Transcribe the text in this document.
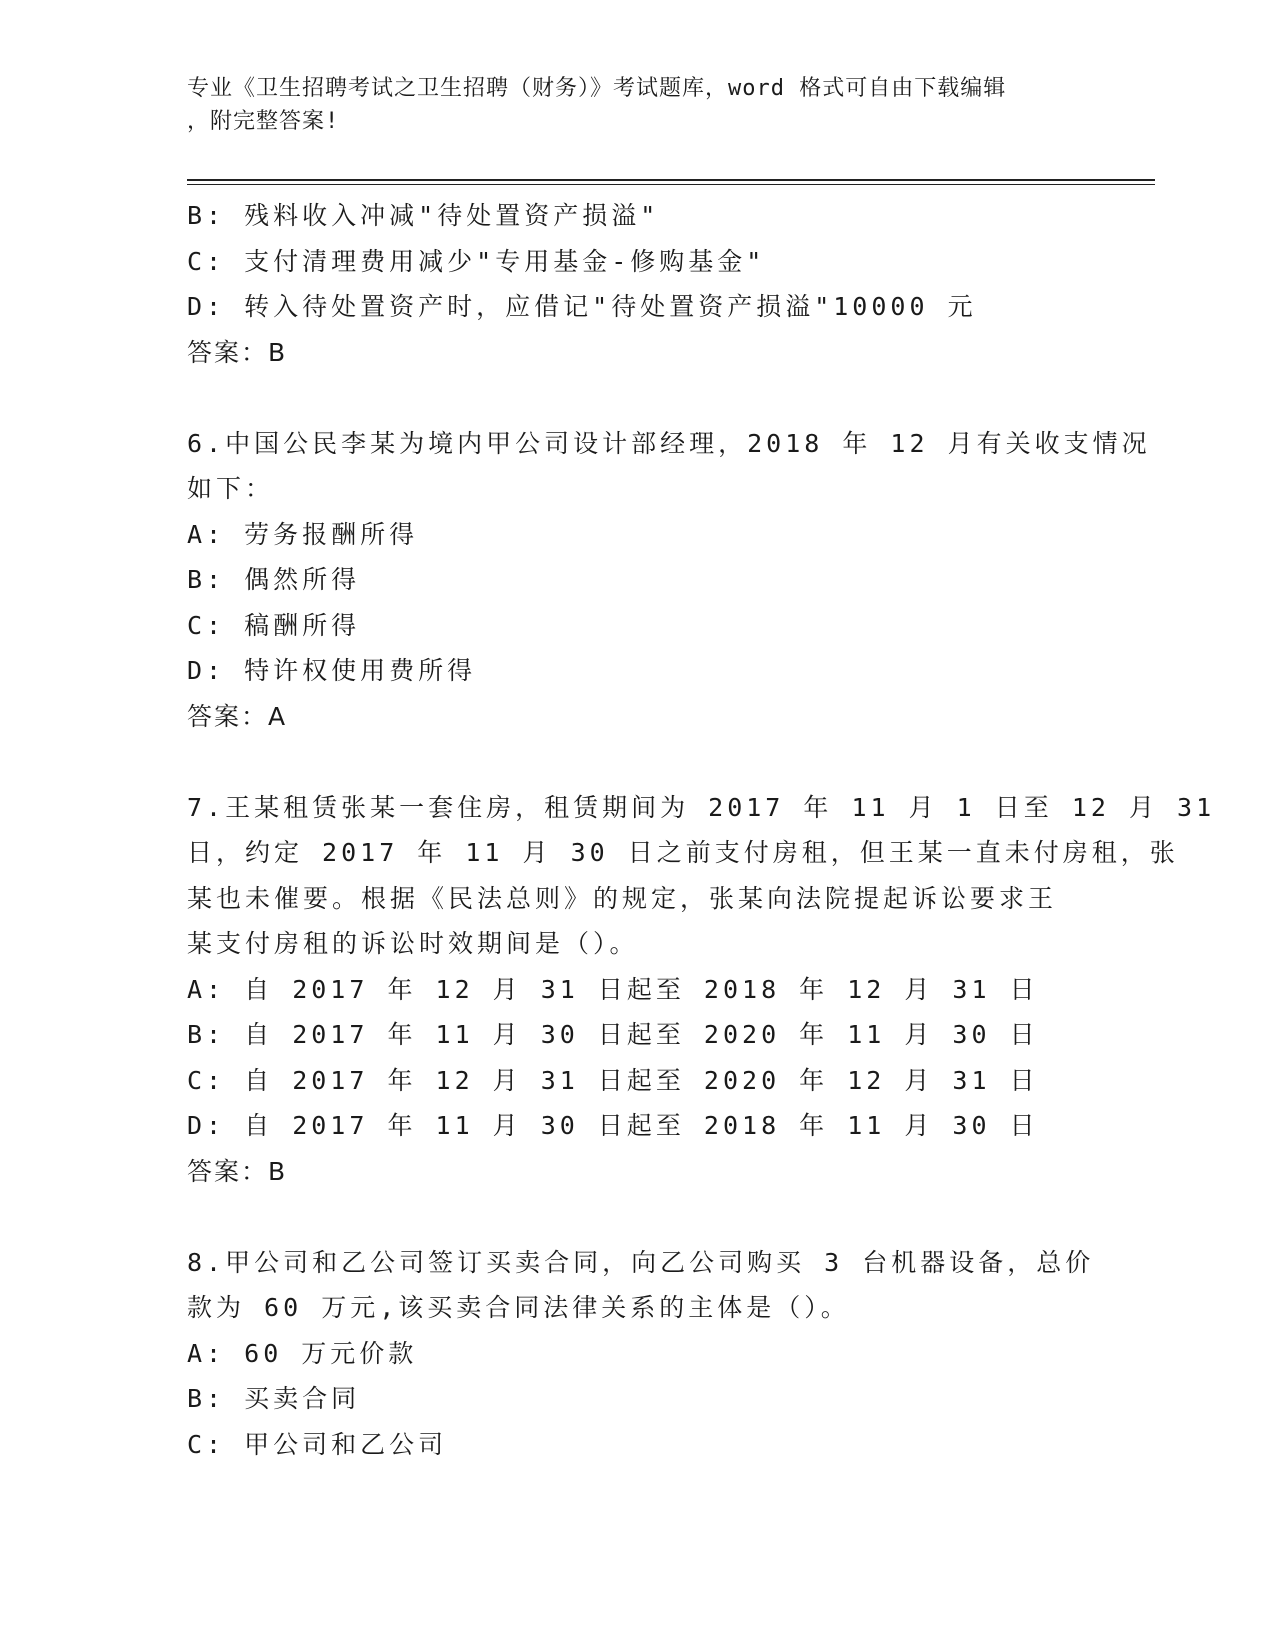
专业《卫生招聘考试之卫生招聘（财务）》考试题库，word 格式可自由下载编辑
，附完整答案!
B: 残料收入冲减"待处置资产损溢"
C: 支付清理费用减少"专用基金-修购基金"
D: 转入待处置资产时，应借记"待处置资产损溢"10000 元
答案：B
6.中国公民李某为境内甲公司设计部经理，2018 年 12 月有关收支情况
如下：
A: 劳务报酬所得
B: 偶然所得
C: 稿酬所得
D: 特许权使用费所得
答案：A
7.王某租赁张某一套住房，租赁期间为 2017 年 11 月 1 日至 12 月 31
日，约定 2017 年 11 月 30 日之前支付房租，但王某一直未付房租，张
某也未催要。根据《民法总则》的规定，张某向法院提起诉讼要求王
某支付房租的诉讼时效期间是（）。
A: 自 2017 年 12 月 31 日起至 2018 年 12 月 31 日
B: 自 2017 年 11 月 30 日起至 2020 年 11 月 30 日
C: 自 2017 年 12 月 31 日起至 2020 年 12 月 31 日
D: 自 2017 年 11 月 30 日起至 2018 年 11 月 30 日
答案：B
8.甲公司和乙公司签订买卖合同，向乙公司购买 3 台机器设备，总价
款为 60 万元,该买卖合同法律关系的主体是（）。
A: 60 万元价款
B: 买卖合同
C: 甲公司和乙公司
